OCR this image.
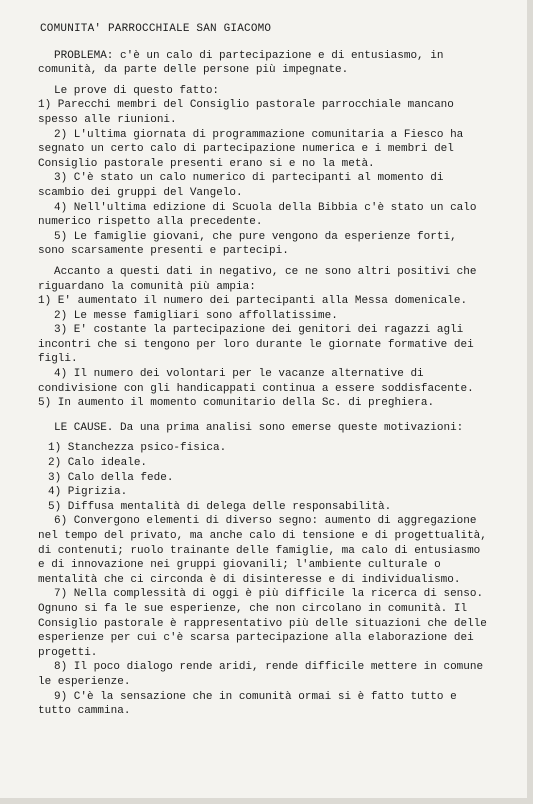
COMUNITA' PARROCCHIALE SAN GIACOMO

PROBLEMA: c'è un calo di partecipazione e di entusiasmo, in comunità, da parte delle persone più impegnate.

Le prove di questo fatto:

1) Parecchi membri del Consiglio pastorale parrocchiale mancano spesso alle riunioni.

2) L'ultima giornata di programmazione comunitaria a Fiesco ha segnato un certo calo di partecipazione numerica e i membri del Consiglio pastorale presenti erano si e no la metà.

3) C'è stato un calo numerico di partecipanti al momento di scambio dei gruppi del Vangelo.

4) Nell'ultima edizione di Scuola della Bibbia c'è stato un calo numerico rispetto alla precedente.

5) Le famiglie giovani, che pure vengono da esperienze forti, sono scarsamente presenti e partecipi.

Accanto a questi dati in negativo, ce ne sono altri positivi che riguardano la comunità più ampia:

1) E' aumentato il numero dei partecipanti alla Messa domenicale.

2) Le messe famigliari sono affollatissime.

3) E' costante la partecipazione dei genitori dei ragazzi agli incontri che si tengono per loro durante le giornate formative dei figli.

4) Il numero dei volontari per le vacanze alternative di condivisione con gli handicappati continua a essere soddisfacente. 5) In aumento il momento comunitario della Sc. di preghiera.

LE CAUSE. Da una prima analisi sono emerse queste motivazioni:

1) Stanchezza psico-fisica.

2) Calo ideale.

3) Calo della fede.

4) Pigrizia.

5) Diffusa mentalità di delega delle responsabilità.

6) Convergono elementi di diverso segno: aumento di aggregazione nel tempo del privato, ma anche calo di tensione e di progettualità, di contenuti; ruolo trainante delle famiglie, ma calo di entusiasmo e di innovazione nei gruppi giovanili; l'ambiente culturale o mentalità che ci circonda è di disinteresse e di individualismo.

7) Nella complessità di oggi è più difficile la ricerca di senso. Ognuno si fa le sue esperienze, che non circolano in comunità. Il Consiglio pastorale è rappresentativo più delle situazioni che delle esperienze per cui c'è scarsa partecipazione alla elaborazione dei progetti.

8) Il poco dialogo rende aridi, rende difficile mettere in comune le esperienze.

9) C'è la sensazione che in comunità ormai si è fatto tutto e tutto cammina.
